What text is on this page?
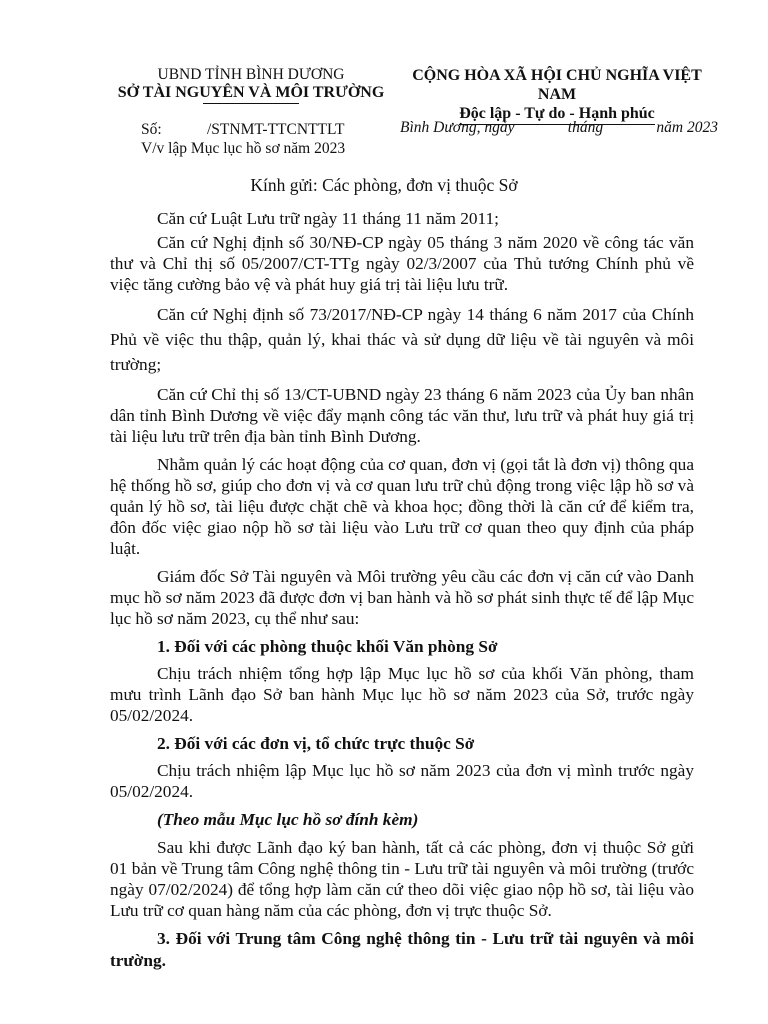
UBND TỈNH BÌNH DƯƠNG
SỞ TÀI NGUYÊN VÀ MÔI TRƯỜNG
CỘNG HÒA XÃ HỘI CHỦ NGHĨA VIỆT NAM
Độc lập - Tự do - Hạnh phúc
Số:	/STNMT-TTCNTTLT
V/v lập Mục lục hồ sơ năm 2023
Bình Dương, ngày	tháng	năm 2023
Kính gửi: Các phòng, đơn vị thuộc Sở

Căn cứ Luật Lưu trữ ngày 11 tháng 11 năm 2011;

Căn cứ Nghị định số 30/NĐ-CP ngày 05 tháng 3 năm 2020 về công tác văn thư và Chỉ thị số 05/2007/CT-TTg ngày 02/3/2007 của Thủ tướng Chính phủ về việc tăng cường bảo vệ và phát huy giá trị tài liệu lưu trữ.

Căn cứ Nghị định số 73/2017/NĐ-CP ngày 14 tháng 6 năm 2017 của Chính Phủ về việc thu thập, quản lý, khai thác và sử dụng dữ liệu về tài nguyên và môi trường;

Căn cứ Chỉ thị số 13/CT-UBND ngày 23 tháng 6 năm 2023 của Ủy ban nhân dân tỉnh Bình Dương về việc đẩy mạnh công tác văn thư, lưu trữ và phát huy giá trị tài liệu lưu trữ trên địa bàn tỉnh Bình Dương.

Nhằm quản lý các hoạt động của cơ quan, đơn vị (gọi tắt là đơn vị) thông qua hệ thống hồ sơ, giúp cho đơn vị và cơ quan lưu trữ chủ động trong việc lập hồ sơ và quản lý hồ sơ, tài liệu được chặt chẽ và khoa học; đồng thời là căn cứ để kiểm tra, đôn đốc việc giao nộp hồ sơ tài liệu vào Lưu trữ cơ quan theo quy định của pháp luật.

Giám đốc Sở Tài nguyên và Môi trường yêu cầu các đơn vị căn cứ vào Danh mục hồ sơ năm 2023 đã được đơn vị ban hành và hồ sơ phát sinh thực tế để lập Mục lục hồ sơ năm 2023, cụ thể như sau:

1. Đối với các phòng thuộc khối Văn phòng Sở

Chịu trách nhiệm tổng hợp lập Mục lục hồ sơ của khối Văn phòng, tham mưu trình Lãnh đạo Sở ban hành Mục lục hồ sơ năm 2023 của Sở, trước ngày 05/02/2024.

2. Đối với các đơn vị, tổ chức trực thuộc Sở

Chịu trách nhiệm lập Mục lục hồ sơ năm 2023 của đơn vị mình trước ngày 05/02/2024.

(Theo mẫu Mục lục hồ sơ đính kèm)

Sau khi được Lãnh đạo ký ban hành, tất cả các phòng, đơn vị thuộc Sở gửi 01 bản về Trung tâm Công nghệ thông tin - Lưu trữ tài nguyên và môi trường (trước ngày 07/02/2024) để tổng hợp làm căn cứ theo dõi việc giao nộp hồ sơ, tài liệu vào Lưu trữ cơ quan hàng năm của các phòng, đơn vị trực thuộc Sở.

3. Đối với Trung tâm Công nghệ thông tin - Lưu trữ tài nguyên và môi trường.
